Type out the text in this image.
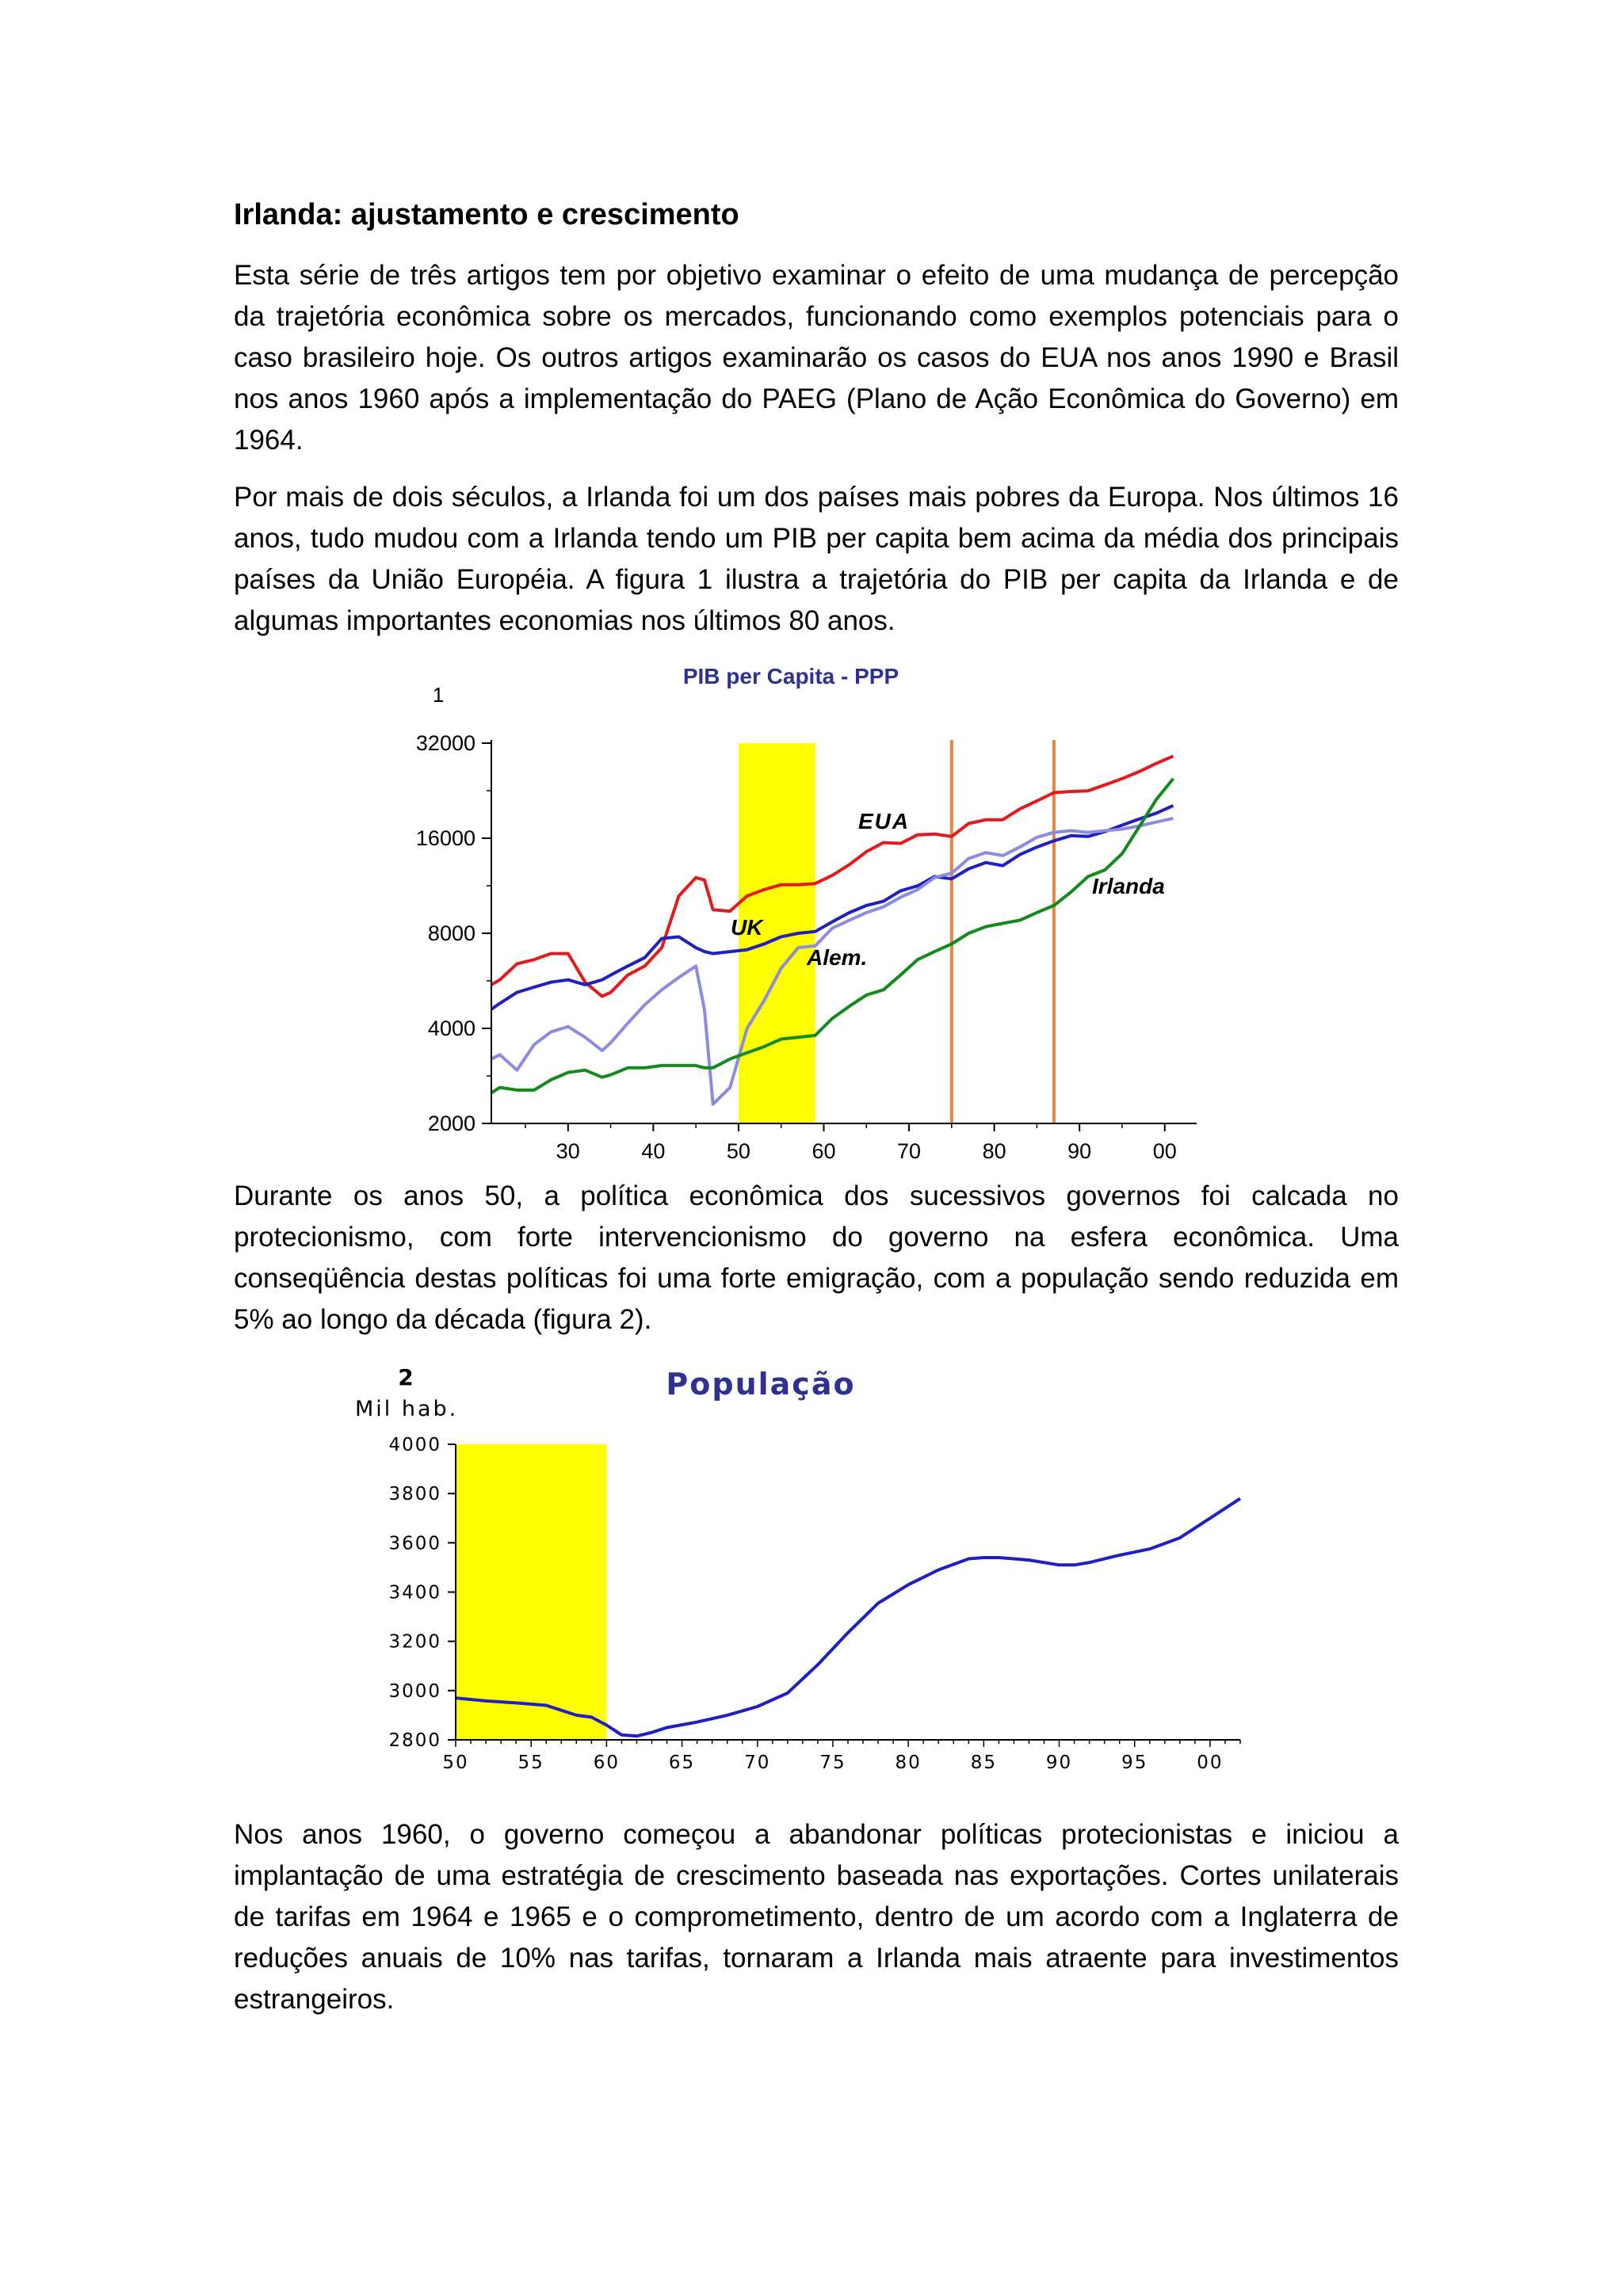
Irlanda: ajustamento e crescimento

Esta série de três artigos tem por objetivo examinar o efeito de uma mudança de percepção da trajetória econômica sobre os mercados, funcionando como exemplos potenciais para o caso brasileiro hoje. Os outros artigos examinarão os casos do EUA nos anos 1990 e Brasil nos anos 1960 após a implementação do PAEG (Plano de Ação Econômica do Governo) em 1964.

Por mais de dois séculos, a Irlanda foi um dos países mais pobres da Europa. Nos últimos 16 anos, tudo mudou com a Irlanda tendo um PIB per capita bem acima da média dos principais países da União Européia. A figura 1 ilustra a trajetória do PIB per capita da Irlanda e de algumas importantes economias nos últimos 80 anos.

32000
16000
8000
4000
2000
30	40	50	60	70	80	90	00
1
PIB per Capita - PPP
EUA
UK
Alem.
Irlanda

Durante os anos 50, a política econômica dos sucessivos governos foi calcada no protecionismo, com forte intervencionismo do governo na esfera econômica. Uma conseqüência destas políticas foi uma forte emigração, com a população sendo reduzida em 5% ao longo da década (figura 2).

4000
3800
3600
3400
3200
3000
2800
50	55	60	65	70	75	80	85	90	95	00
2
Mil hab.
População

Nos anos 1960, o governo começou a abandonar políticas protecionistas e iniciou a implantação de uma estratégia de crescimento baseada nas exportações. Cortes unilaterais de tarifas em 1964 e 1965 e o comprometimento, dentro de um acordo com a Inglaterra de reduções anuais de 10% nas tarifas, tornaram a Irlanda mais atraente para investimentos estrangeiros.
